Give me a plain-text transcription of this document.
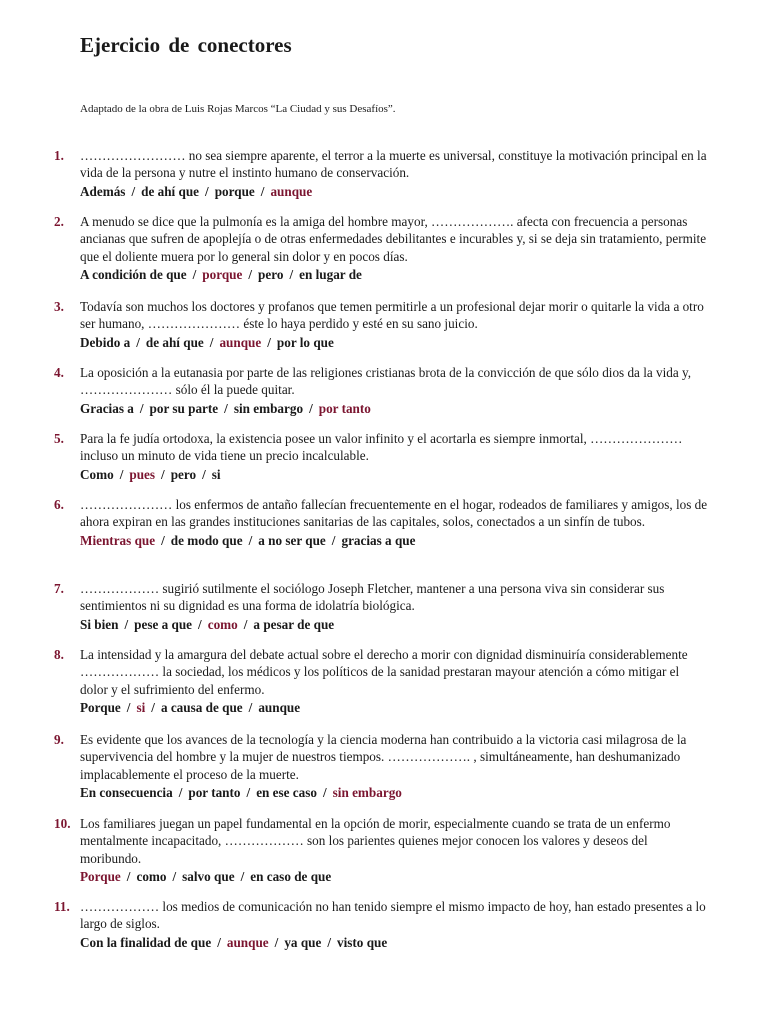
Ejercicio de conectores
Adaptado de la obra de Luis Rojas Marcos “La Ciudad y sus Desafíos”.
1. …………………… no sea siempre aparente, el terror a la muerte es universal, constituye la motivación principal en la vida de la persona y nutre el instinto humano de conservación.
Además / de ahí que / porque / aunque
2. A menudo se dice que la pulmonía es la amiga del hombre mayor, ………………. afecta con frecuencia a personas ancianas que sufren de apoplejía o de otras enfermedades debilitantes e incurables y, si se deja sin tratamiento, permite que el doliente muera por lo general sin dolor y en pocos días.
A condición de que / porque / pero / en lugar de
3. Todavía son muchos los doctores y profanos que temen permitirle a un profesional dejar morir o quitarle la vida a otro ser humano, ………………… éste lo haya perdido y esté en su sano juicio.
Debido a / de ahí que / aunque / por lo que
4. La oposición a la eutanasia por parte de las religiones cristianas brota de la convicción de que sólo dios da la vida y, ………………… sólo él la puede quitar.
Gracias a / por su parte / sin embargo / por tanto
5. Para la fe judía ortodoxa, la existencia posee un valor infinito y el acortarla es siempre inmortal, ………………… incluso un minuto de vida tiene un precio incalculable.
Como / pues / pero / si
6. ………………… los enfermos de antaño fallecían frecuentemente en el hogar, rodeados de familiares y amigos, los de ahora expiran en las grandes instituciones sanitarias de las capitales, solos, conectados a un sinfín de tubos.
Mientras que / de modo que / a no ser que / gracias a que
7. ……………… sugirió sutilmente el sociólogo Joseph Fletcher, mantener a una persona viva sin considerar sus sentimientos ni su dignidad es una forma de idolatría biológica.
Si bien / pese a que / como / a pesar de que
8. La intensidad y la amargura del debate actual sobre el derecho a morir con dignidad disminuiría considerablemente ……………… la sociedad, los médicos y los políticos de la sanidad prestaran mayour atención a cómo mitigar el dolor y el sufrimiento del enfermo.
Porque / si / a causa de que / aunque
9. Es evidente que los avances de la tecnología y la ciencia moderna han contribuido a la victoria casi milagrosa de la supervivencia del hombre y la mujer de nuestros tiempos. ………………. , simultáneamente, han deshumanizado implacablemente el proceso de la muerte.
En consecuencia / por tanto / en ese caso / sin embargo
10. Los familiares juegan un papel fundamental en la opción de morir, especialmente cuando se trata de un enfermo mentalmente incapacitado, ……………… son los parientes quienes mejor conocen los valores y deseos del moribundo.
Porque / como / salvo que / en caso de que
11. ……………… los medios de comunicación no han tenido siempre el mismo impacto de hoy, han estado presentes a lo largo de siglos.
Con la finalidad de que / aunque / ya que / visto que
